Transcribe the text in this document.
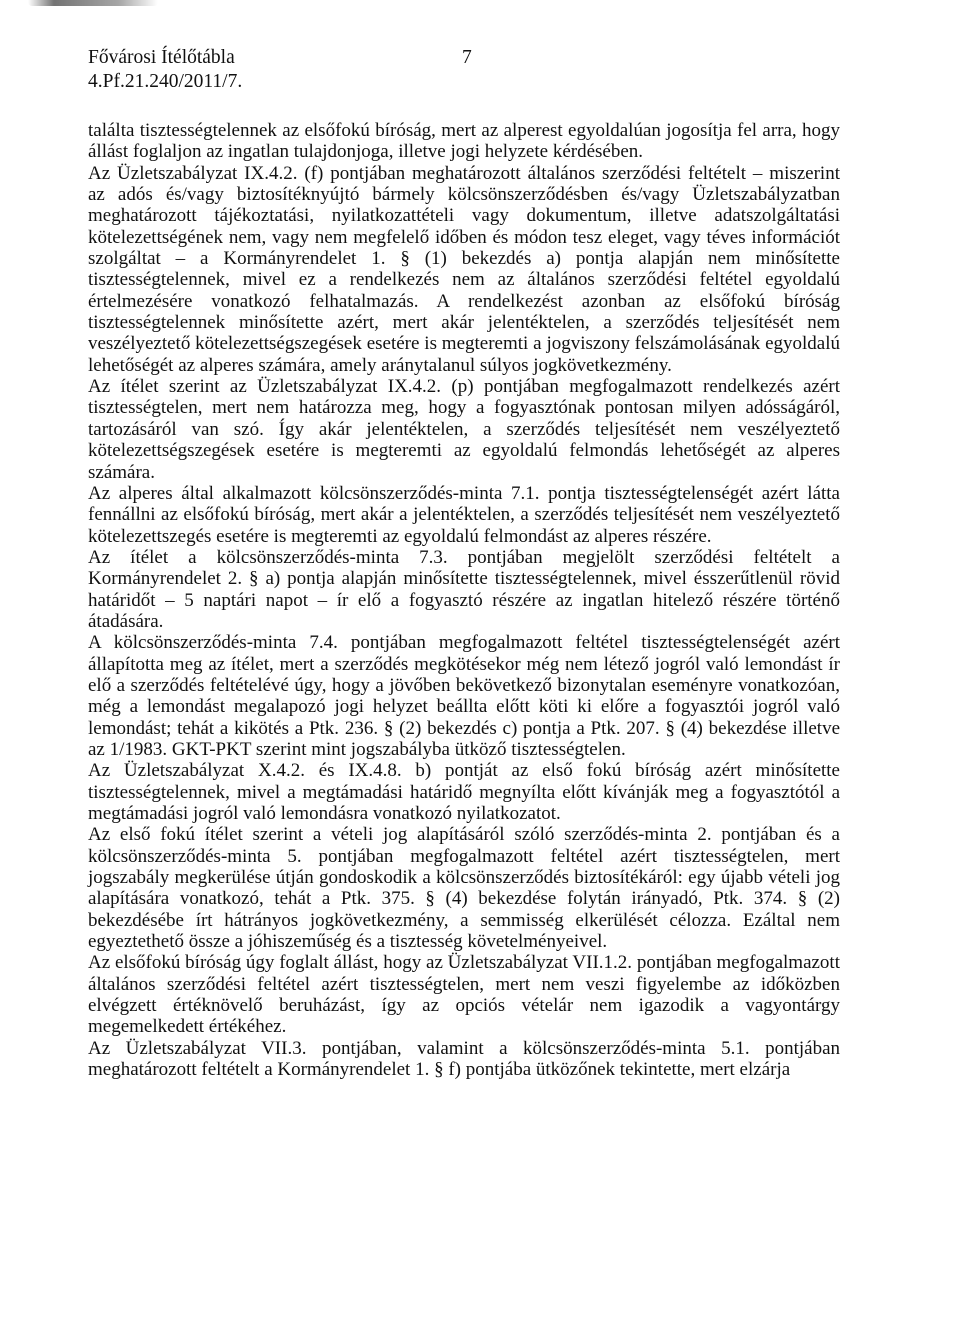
Fővárosi Ítélőtábla
4.Pf.21.240/2011/7.
7

találta tisztességtelennek az elsőfokú bíróság, mert az alperest egyoldalúan jogosítja fel arra, hogy állást foglaljon az ingatlan tulajdonjoga, illetve jogi helyzete kérdésében.

Az Üzletszabályzat IX.4.2. (f) pontjában meghatározott általános szerződési feltételt – miszerint az adós és/vagy biztosítéknyújtó bármely kölcsönszerződésben és/vagy Üzletszabályzatban meghatározott tájékoztatási, nyilatkozattételi vagy dokumentum, illetve adatszolgáltatási kötelezettségének nem, vagy nem megfelelő időben és módon tesz eleget, vagy téves információt szolgáltat – a Kormányrendelet 1. § (1) bekezdés a) pontja alapján nem minősítette tisztességtelennek, mivel ez a rendelkezés nem az általános szerződési feltétel egyoldalú értelmezésére vonatkozó felhatalmazás. A rendelkezést azonban az elsőfokú bíróság tisztességtelennek minősítette azért, mert akár jelentéktelen, a szerződés teljesítését nem veszélyeztető kötelezettségszegések esetére is megteremti a jogviszony felszámolásának egyoldalú lehetőségét az alperes számára, amely aránytalanul súlyos jogkövetkezmény.

Az ítélet szerint az Üzletszabályzat IX.4.2. (p) pontjában megfogalmazott rendelkezés azért tisztességtelen, mert nem határozza meg, hogy a fogyasztónak pontosan milyen adósságáról, tartozásáról van szó. Így akár jelentéktelen, a szerződés teljesítését nem veszélyeztető kötelezettségszegések esetére is megteremti az egyoldalú felmondás lehetőségét az alperes számára.

Az alperes által alkalmazott kölcsönszerződés-minta 7.1. pontja tisztességtelenségét azért látta fennállni az elsőfokú bíróság, mert akár a jelentéktelen, a szerződés teljesítését nem veszélyeztető kötelezettszegés esetére is megteremti az egyoldalú felmondást az alperes részére.

Az ítélet a kölcsönszerződés-minta 7.3. pontjában megjelölt szerződési feltételt a Kormányrendelet 2. § a) pontja alapján minősítette tisztességtelennek, mivel ésszerűtlenül rövid határidőt – 5 naptári napot – ír elő a fogyasztó részére az ingatlan hitelező részére történő átadására.

A kölcsönszerződés-minta 7.4. pontjában megfogalmazott feltétel tisztességtelenségét azért állapította meg az ítélet, mert a szerződés megkötésekor még nem létező jogról való lemondást ír elő a szerződés feltételévé úgy, hogy a jövőben bekövetkező bizonytalan eseményre vonatkozóan, még a lemondást megalapozó jogi helyzet beállta előtt köti ki előre a fogyasztói jogról való lemondást; tehát a kikötés a Ptk. 236. § (2) bekezdés c) pontja a Ptk. 207. § (4) bekezdése illetve az 1/1983. GKT-PKT szerint mint jogszabályba ütköző tisztességtelen.

Az Üzletszabályzat X.4.2. és IX.4.8. b) pontját az első fokú bíróság azért minősítette tisztességtelennek, mivel a megtámadási határidő megnyílta előtt kívánják meg a fogyasztótól a megtámadási jogról való lemondásra vonatkozó nyilatkozatot.

Az első fokú ítélet szerint a vételi jog alapításáról szóló szerződés-minta 2. pontjában és a kölcsönszerződés-minta 5. pontjában megfogalmazott feltétel azért tisztességtelen, mert jogszabály megkerülése útján gondoskodik a kölcsönszerződés biztosítékáról: egy újabb vételi jog alapítására vonatkozó, tehát a Ptk. 375. § (4) bekezdése folytán irányadó, Ptk. 374. § (2) bekezdésébe írt hátrányos jogkövetkezmény, a semmisség elkerülését célozza. Ezáltal nem egyeztethető össze a jóhiszeműség és a tisztesség követelményeivel.

Az elsőfokú bíróság úgy foglalt állást, hogy az Üzletszabályzat VII.1.2. pontjában megfogalmazott általános szerződési feltétel azért tisztességtelen, mert nem veszi figyelembe az időközben elvégzett értéknövelő beruházást, így az opciós vételár nem igazodik a vagyontárgy megemelkedett értékéhez.

Az Üzletszabályzat VII.3. pontjában, valamint a kölcsönszerződés-minta 5.1. pontjában meghatározott feltételt a Kormányrendelet 1. § f) pontjába ütközőnek tekintette, mert elzárja
